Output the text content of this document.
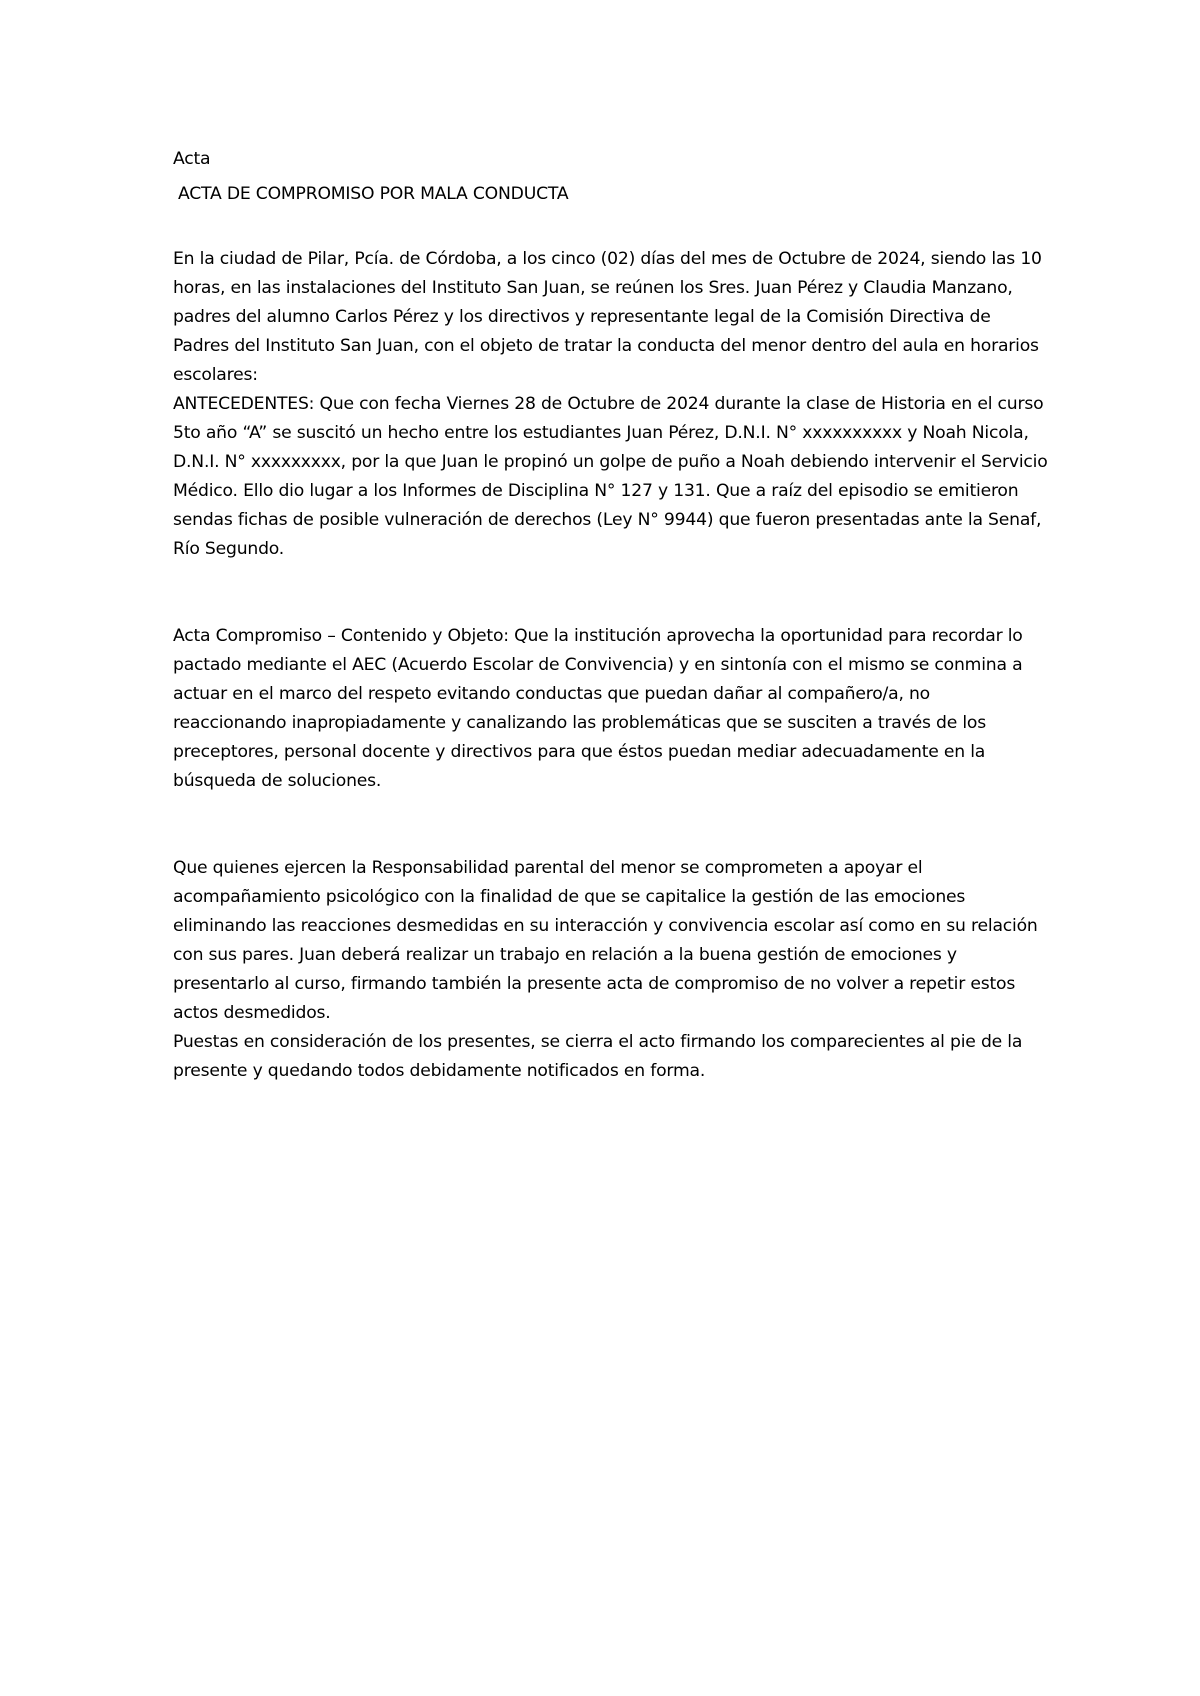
Acta

ACTA DE COMPROMISO POR MALA CONDUCTA

En la ciudad de Pilar, Pcía. de Córdoba, a los cinco (02) días del mes de Octubre de 2024, siendo las 10 horas, en las instalaciones del Instituto San Juan, se reúnen los Sres. Juan Pérez y Claudia Manzano, padres del alumno Carlos Pérez y los directivos y representante legal de la Comisión Directiva de Padres del Instituto San Juan, con el objeto de tratar la conducta del menor dentro del aula en horarios escolares:

ANTECEDENTES: Que con fecha Viernes 28 de Octubre de 2024 durante la clase de Historia en el curso 5to año “A” se suscitó un hecho entre los estudiantes Juan Pérez, D.N.I. N° xxxxxxxxxx y Noah Nicola, D.N.I. N° xxxxxxxxx, por la que Juan le propinó un golpe de puño a Noah debiendo intervenir el Servicio Médico. Ello dio lugar a los Informes de Disciplina N° 127 y 131. Que a raíz del episodio se emitieron sendas fichas de posible vulneración de derechos (Ley N° 9944) que fueron presentadas ante la Senaf, Río Segundo.

Acta Compromiso – Contenido y Objeto: Que la institución aprovecha la oportunidad para recordar lo pactado mediante el AEC (Acuerdo Escolar de Convivencia) y en sintonía con el mismo se conmina a actuar en el marco del respeto evitando conductas que puedan dañar al compañero/a, no reaccionando inapropiadamente y canalizando las problemáticas que se susciten a través de los preceptores, personal docente y directivos para que éstos puedan mediar adecuadamente en la búsqueda de soluciones.

Que quienes ejercen la Responsabilidad parental del menor se comprometen a apoyar el acompañamiento psicológico con la finalidad de que se capitalice la gestión de las emociones eliminando las reacciones desmedidas en su interacción y convivencia escolar así como en su relación con sus pares. Juan deberá realizar un trabajo en relación a la buena gestión de emociones y presentarlo al curso, firmando también la presente acta de compromiso de no volver a repetir estos actos desmedidos.

Puestas en consideración de los presentes, se cierra el acto firmando los comparecientes al pie de la presente y quedando todos debidamente notificados en forma.
